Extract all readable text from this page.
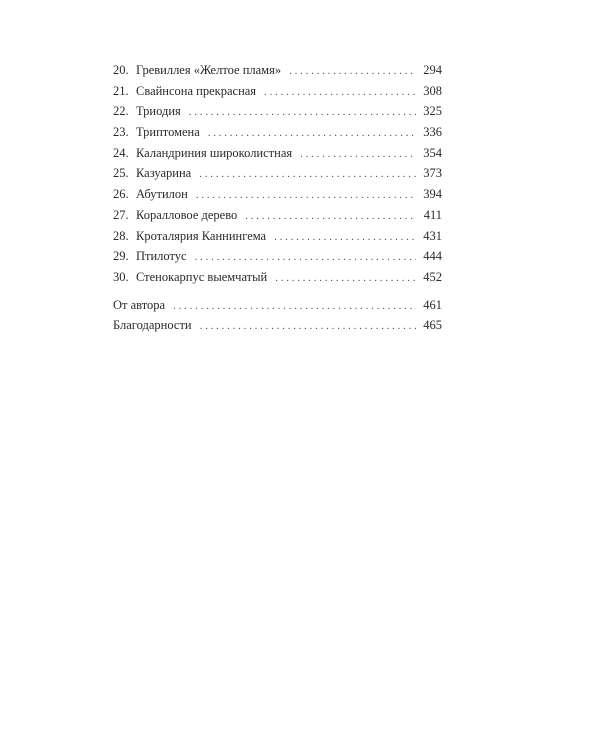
20. Гревиллея «Желтое пламя» . . .	294
21. Свайнсона прекрасная . . .	308
22. Триодия . . .	325
23. Триптомена . . .	336
24. Каландриния широколистная . . .	354
25. Казуарина . . .	373
26. Абутилон . . .	394
27. Коралловое дерево . . .	411
28. Кроталярия Каннингема . . .	431
29. Птилотус . . .	444
30. Стенокарпус выемчатый . . .	452
От автора . . .	461
Благодарности . . .	465
